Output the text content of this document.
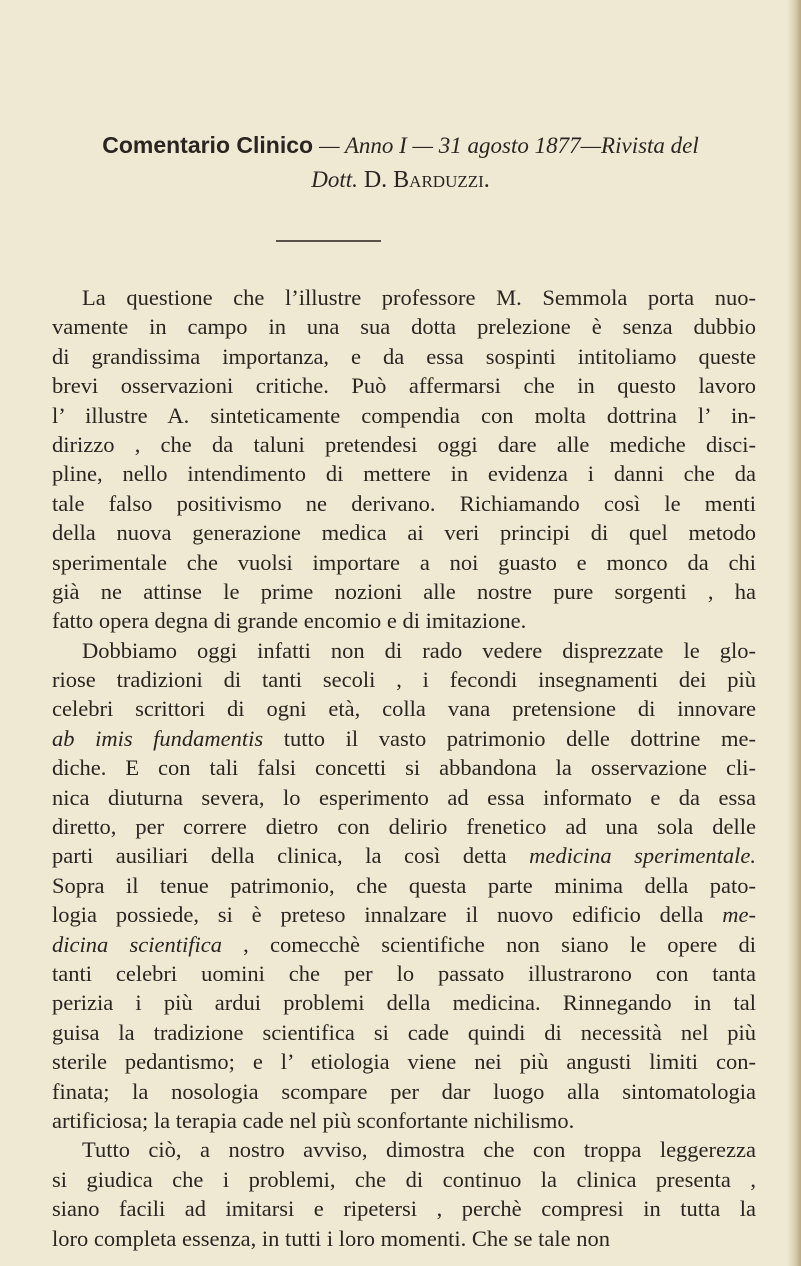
Comentario Clinico — Anno I — 31 agosto 1877—Rivista del
Dott. D. Barduzzi.
La questione che l’illustre professore M. Semmola porta nuo-
vamente in campo in una sua dotta prelezione è senza dubbio
di grandissima importanza, e da essa sospinti intitoliamo queste
brevi osservazioni critiche. Può affermarsi che in questo lavoro
l’ illustre A. sinteticamente compendia con molta dottrina l’ in-
dirizzo , che da taluni pretendesi oggi dare alle mediche disci-
pline, nello intendimento di mettere in evidenza i danni che da
tale falso positivismo ne derivano. Richiamando così le menti
della nuova generazione medica ai veri principi di quel metodo
sperimentale che vuolsi importare a noi guasto e monco da chi
già ne attinse le prime nozioni alle nostre pure sorgenti , ha
fatto opera degna di grande encomio e di imitazione.
Dobbiamo oggi infatti non di rado vedere disprezzate le glo-
riose tradizioni di tanti secoli , i fecondi insegnamenti dei più
celebri scrittori di ogni età, colla vana pretensione di innovare
ab imis fundamentis tutto il vasto patrimonio delle dottrine me-
diche. E con tali falsi concetti si abbandona la osservazione cli-
nica diuturna severa, lo esperimento ad essa informato e da essa
diretto, per correre dietro con delirio frenetico ad una sola delle
parti ausiliari della clinica, la così detta medicina sperimentale.
Sopra il tenue patrimonio, che questa parte minima della pato-
logia possiede, si è preteso innalzare il nuovo edificio della me-
dicina scientifica , comecchè scientifiche non siano le opere di
tanti celebri uomini che per lo passato illustrarono con tanta
perizia i più ardui problemi della medicina. Rinnegando in tal
guisa la tradizione scientifica si cade quindi di necessità nel più
sterile pedantismo; e l’ etiologia viene nei più angusti limiti con-
finata; la nosologia scompare per dar luogo alla sintomatologia
artificiosa; la terapia cade nel più sconfortante nichilismo.
Tutto ciò, a nostro avviso, dimostra che con troppa leggerezza
si giudica che i problemi, che di continuo la clinica presenta ,
siano facili ad imitarsi e ripetersi , perchè compresi in tutta la
loro completa essenza, in tutti i loro momenti. Che se tale non
